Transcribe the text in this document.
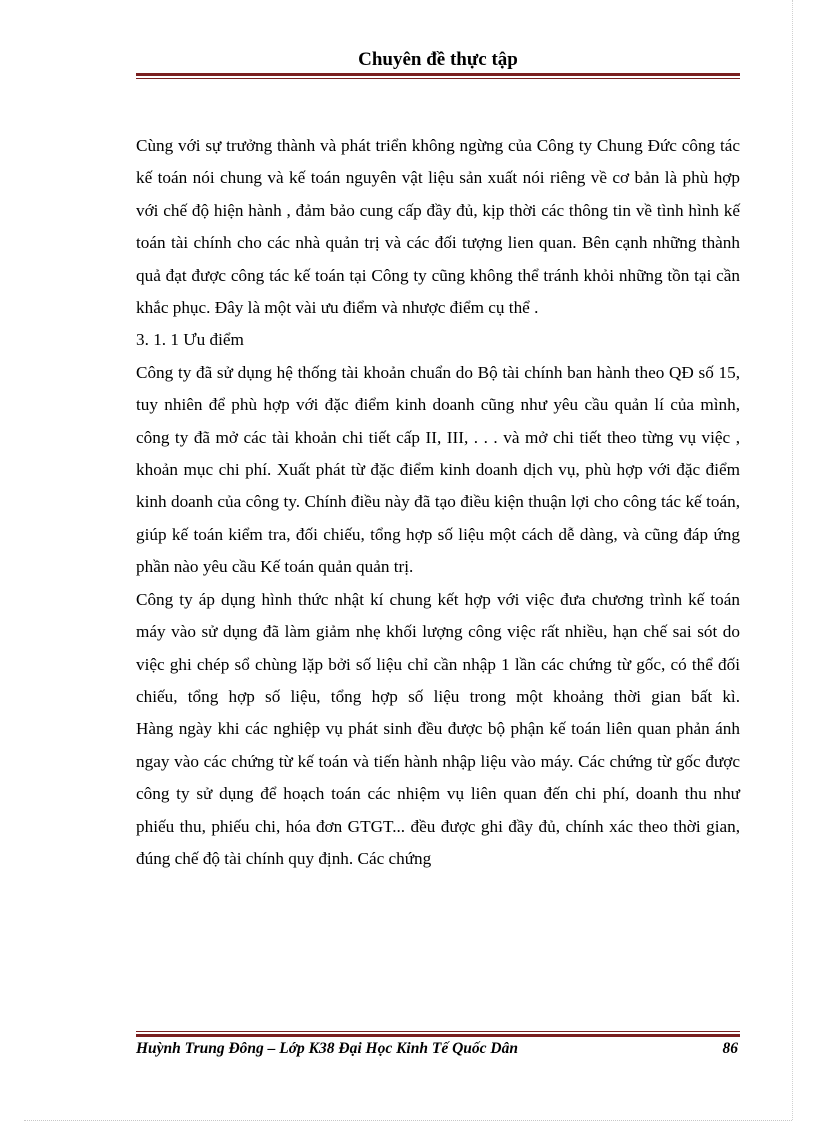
Chuyên đề thực tập

Cùng với sự trưởng thành và phát triển không ngừng của Công ty Chung Đức công tác kế toán nói chung và kế toán nguyên vật liệu sản xuất nói riêng về cơ bản là phù hợp với chế độ hiện hành , đảm bảo cung cấp đầy đủ, kịp thời các thông tin về tình hình kế toán tài chính cho các nhà quản trị và các đối tượng lien quan. Bên cạnh những thành quả đạt được công tác kế toán tại Công ty cũng không thể tránh khỏi những tồn tại cần khắc phục. Đây là một vài ưu điểm và nhược điểm cụ thể .

3. 1. 1 Ưu điểm

Công ty đã sử dụng hệ thống tài khoản chuẩn do Bộ tài chính ban hành theo QĐ số 15, tuy nhiên để phù hợp với đặc điểm kinh doanh cũng như yêu cầu quản lí của mình, công ty đã mở các tài khoản chi tiết cấp II, III, . . . và mở chi tiết theo từng vụ việc , khoản mục chi phí. Xuất phát từ đặc điểm kinh doanh dịch vụ, phù hợp với đặc điểm kinh doanh của công ty. Chính điều này đã tạo điều kiện thuận lợi cho công tác kế toán, giúp kế toán kiểm tra, đối chiếu, tổng hợp số liệu một cách dễ dàng, và cũng đáp ứng phần nào yêu cầu Kế toán quản quản trị.

Công ty áp dụng hình thức nhật kí chung kết hợp với việc đưa chương trình kế toán máy vào sử dụng đã làm giảm nhẹ khối lượng công việc rất nhiều, hạn chế sai sót do việc ghi chép sổ chùng lặp bởi số liệu chỉ cần nhập 1 lần các chứng từ gốc, có thể đối chiếu, tổng hợp số liệu, tổng hợp số liệu trong một khoảng thời gian bất kì.

Hàng ngày khi các nghiệp vụ phát sinh đều được bộ phận kế toán liên quan phản ánh ngay vào các chứng từ kế toán và tiến hành nhập liệu vào máy. Các chứng từ gốc được công ty sử dụng để hoạch toán các nhiệm vụ liên quan đến chi phí, doanh thu như phiếu thu, phiếu chi, hóa đơn GTGT... đều được ghi đầy đủ, chính xác theo thời gian, đúng chế độ tài chính quy định. Các chứng

Huỳnh Trung Đông – Lớp K38 Đại Học Kinh Tế Quốc Dân	86
